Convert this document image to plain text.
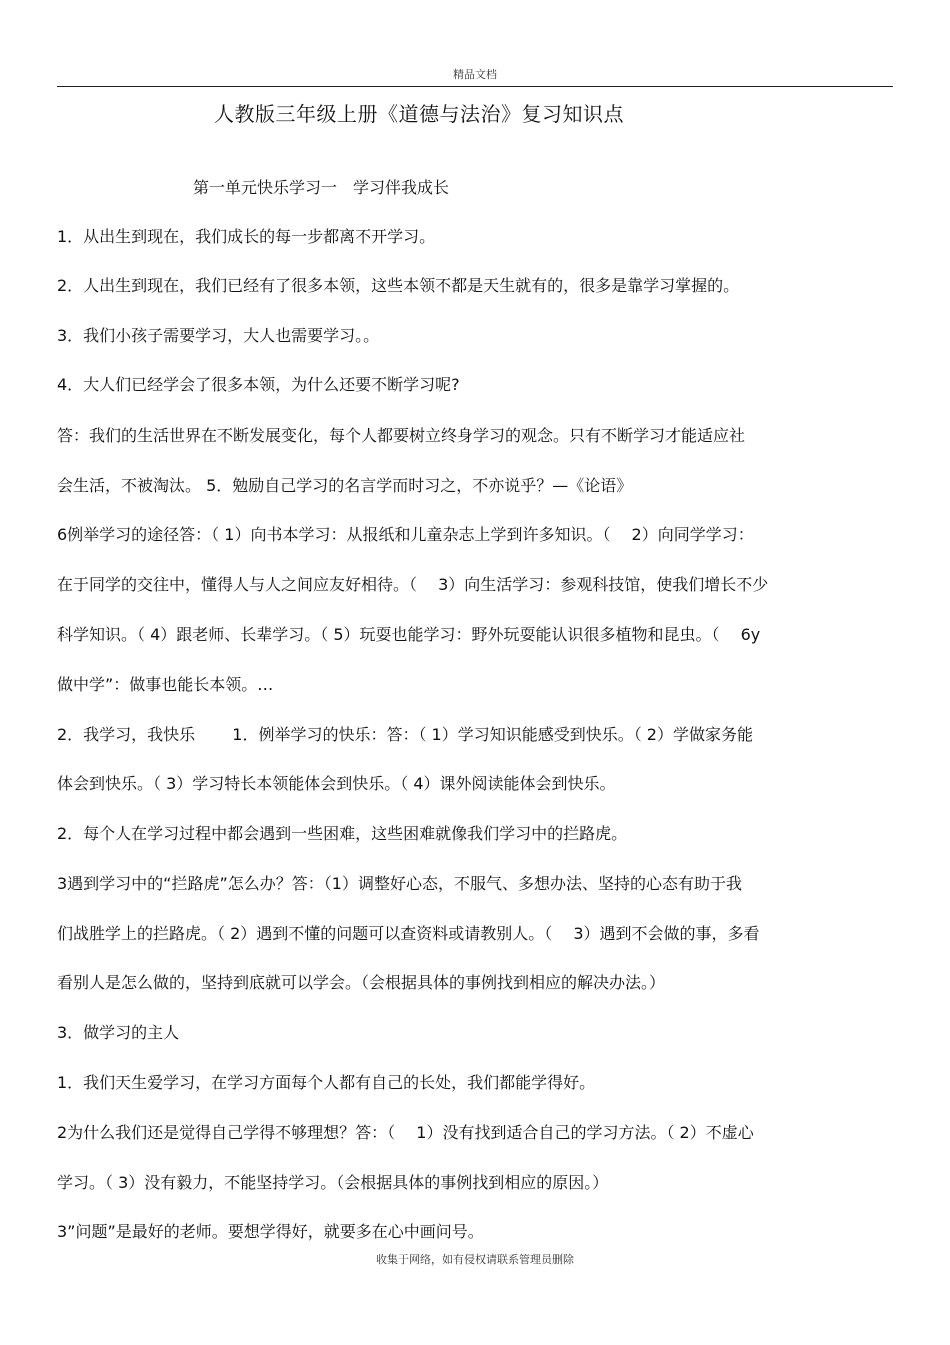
精品文档
人教版三年级上册《道德与法治》复习知识点
第一单元快乐学习一　学习伴我成长
1．从出生到现在，我们成长的每一步都离不开学习。
2．人出生到现在，我们已经有了很多本领，这些本领不都是天生就有的，很多是靠学习掌握的。
3．我们小孩子需要学习，大人也需要学习。。
4．大人们已经学会了很多本领，为什么还要不断学习呢?
答：我们的生活世界在不断发展变化，每个人都要树立终身学习的观念。只有不断学习才能适应社
会生活，不被淘汰。 5．勉励自己学习的名言学而时习之，不亦说乎？—《论语》
6例举学习的途径答：（ 1）向书本学习：从报纸和儿童杂志上学到许多知识。（　 2）向同学学习：
在于同学的交往中，懂得人与人之间应友好相待。（　 3）向生活学习：参观科技馆，使我们增长不少
科学知识。（ 4）跟老师、长辈学习。（ 5）玩耍也能学习：野外玩耍能认识很多植物和昆虫。（　 6y
做中学”：做事也能长本领。…
2．我学习，我快乐　　 1．例举学习的快乐：答：（ 1）学习知识能感受到快乐。（ 2）学做家务能
体会到快乐。（ 3）学习特长本领能体会到快乐。（ 4）课外阅读能体会到快乐。
2．每个人在学习过程中都会遇到一些困难，这些困难就像我们学习中的拦路虎。
3遇到学习中的“拦路虎”怎么办？答：（1）调整好心态，不服气、多想办法、坚持的心态有助于我
们战胜学上的拦路虎。（ 2）遇到不懂的问题可以查资料或请教别人。（　 3）遇到不会做的事，多看
看别人是怎么做的，坚持到底就可以学会。（会根据具体的事例找到相应的解决办法。）
3．做学习的主人
1．我们天生爱学习，在学习方面每个人都有自己的长处，我们都能学得好。
2为什么我们还是觉得自己学得不够理想？答：（　 1）没有找到适合自己的学习方法。（ 2）不虚心
学习。（ 3）没有毅力，不能坚持学习。（会根据具体的事例找到相应的原因。）
3”问题”是最好的老师。要想学得好，就要多在心中画问号。
收集于网络，如有侵权请联系管理员删除
